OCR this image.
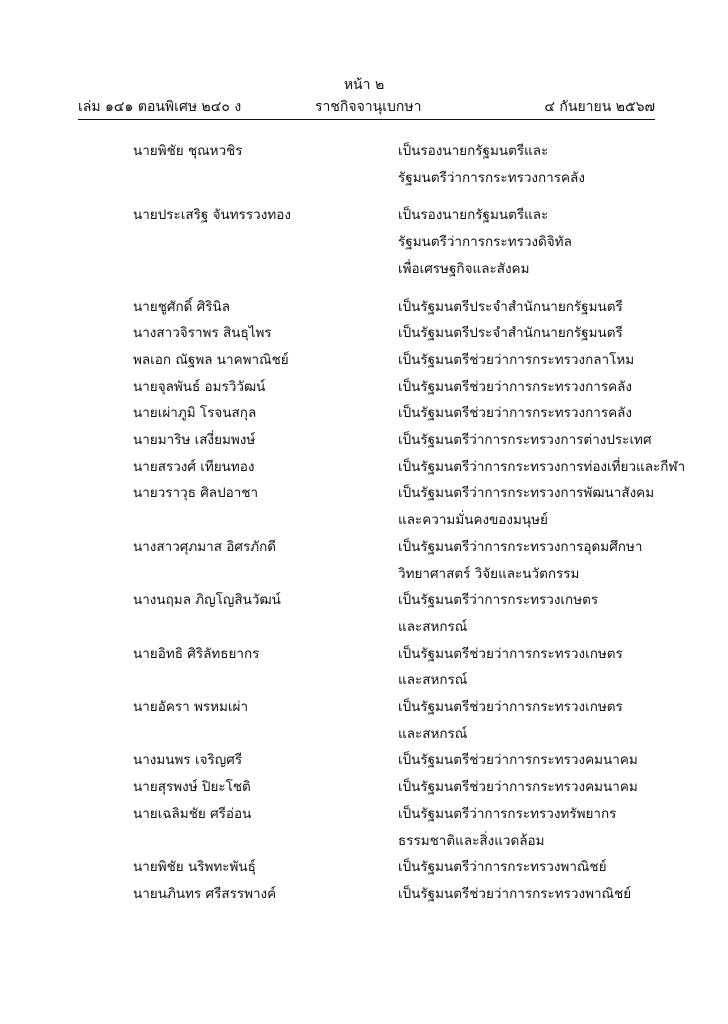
หน้า ๒
เล่ม ๑๔๑ ตอนพิเศษ ๒๔๐ ง	ราชกิจจานุเบกษา	๔ กันยายน ๒๕๖๗
นายพิชัย ชุณหวชิร	เป็นรองนายกรัฐมนตรีและ
รัฐมนตรีว่าการกระทรวงการคลัง
นายประเสริฐ จันทรรวงทอง	เป็นรองนายกรัฐมนตรีและ
รัฐมนตรีว่าการกระทรวงดิจิทัล
เพื่อเศรษฐกิจและสังคม
นายชูศักดิ์ ศิรินิล	เป็นรัฐมนตรีประจำสำนักนายกรัฐมนตรี
นางสาวจิราพร สินธุไพร	เป็นรัฐมนตรีประจำสำนักนายกรัฐมนตรี
พลเอก ณัฐพล นาคพาณิชย์	เป็นรัฐมนตรีช่วยว่าการกระทรวงกลาโหม
นายจุลพันธ์ อมรวิวัฒน์	เป็นรัฐมนตรีช่วยว่าการกระทรวงการคลัง
นายเผ่าภูมิ โรจนสกุล	เป็นรัฐมนตรีช่วยว่าการกระทรวงการคลัง
นายมาริษ เสงี่ยมพงษ์	เป็นรัฐมนตรีว่าการกระทรวงการต่างประเทศ
นายสรวงศ์ เทียนทอง	เป็นรัฐมนตรีว่าการกระทรวงการท่องเที่ยวและกีฬา
นายวราวุธ ศิลปอาชา	เป็นรัฐมนตรีว่าการกระทรวงการพัฒนาสังคม
และความมั่นคงของมนุษย์
นางสาวศุภมาส อิศรภักดี	เป็นรัฐมนตรีว่าการกระทรวงการอุดมศึกษา
วิทยาศาสตร์ วิจัยและนวัตกรรม
นางนฤมล ภิญโญสินวัฒน์	เป็นรัฐมนตรีว่าการกระทรวงเกษตร
และสหกรณ์
นายอิทธิ ศิริลัทธยากร	เป็นรัฐมนตรีช่วยว่าการกระทรวงเกษตร
และสหกรณ์
นายอัครา พรหมเผ่า	เป็นรัฐมนตรีช่วยว่าการกระทรวงเกษตร
และสหกรณ์
นางมนพร เจริญศรี	เป็นรัฐมนตรีช่วยว่าการกระทรวงคมนาคม
นายสุรพงษ์ ปิยะโชติ	เป็นรัฐมนตรีช่วยว่าการกระทรวงคมนาคม
นายเฉลิมชัย ศรีอ่อน	เป็นรัฐมนตรีว่าการกระทรวงทรัพยากร
ธรรมชาติและสิ่งแวดล้อม
นายพิชัย นริพทะพันธุ์	เป็นรัฐมนตรีว่าการกระทรวงพาณิชย์
นายนภินทร ศรีสรรพางค์	เป็นรัฐมนตรีช่วยว่าการกระทรวงพาณิชย์
